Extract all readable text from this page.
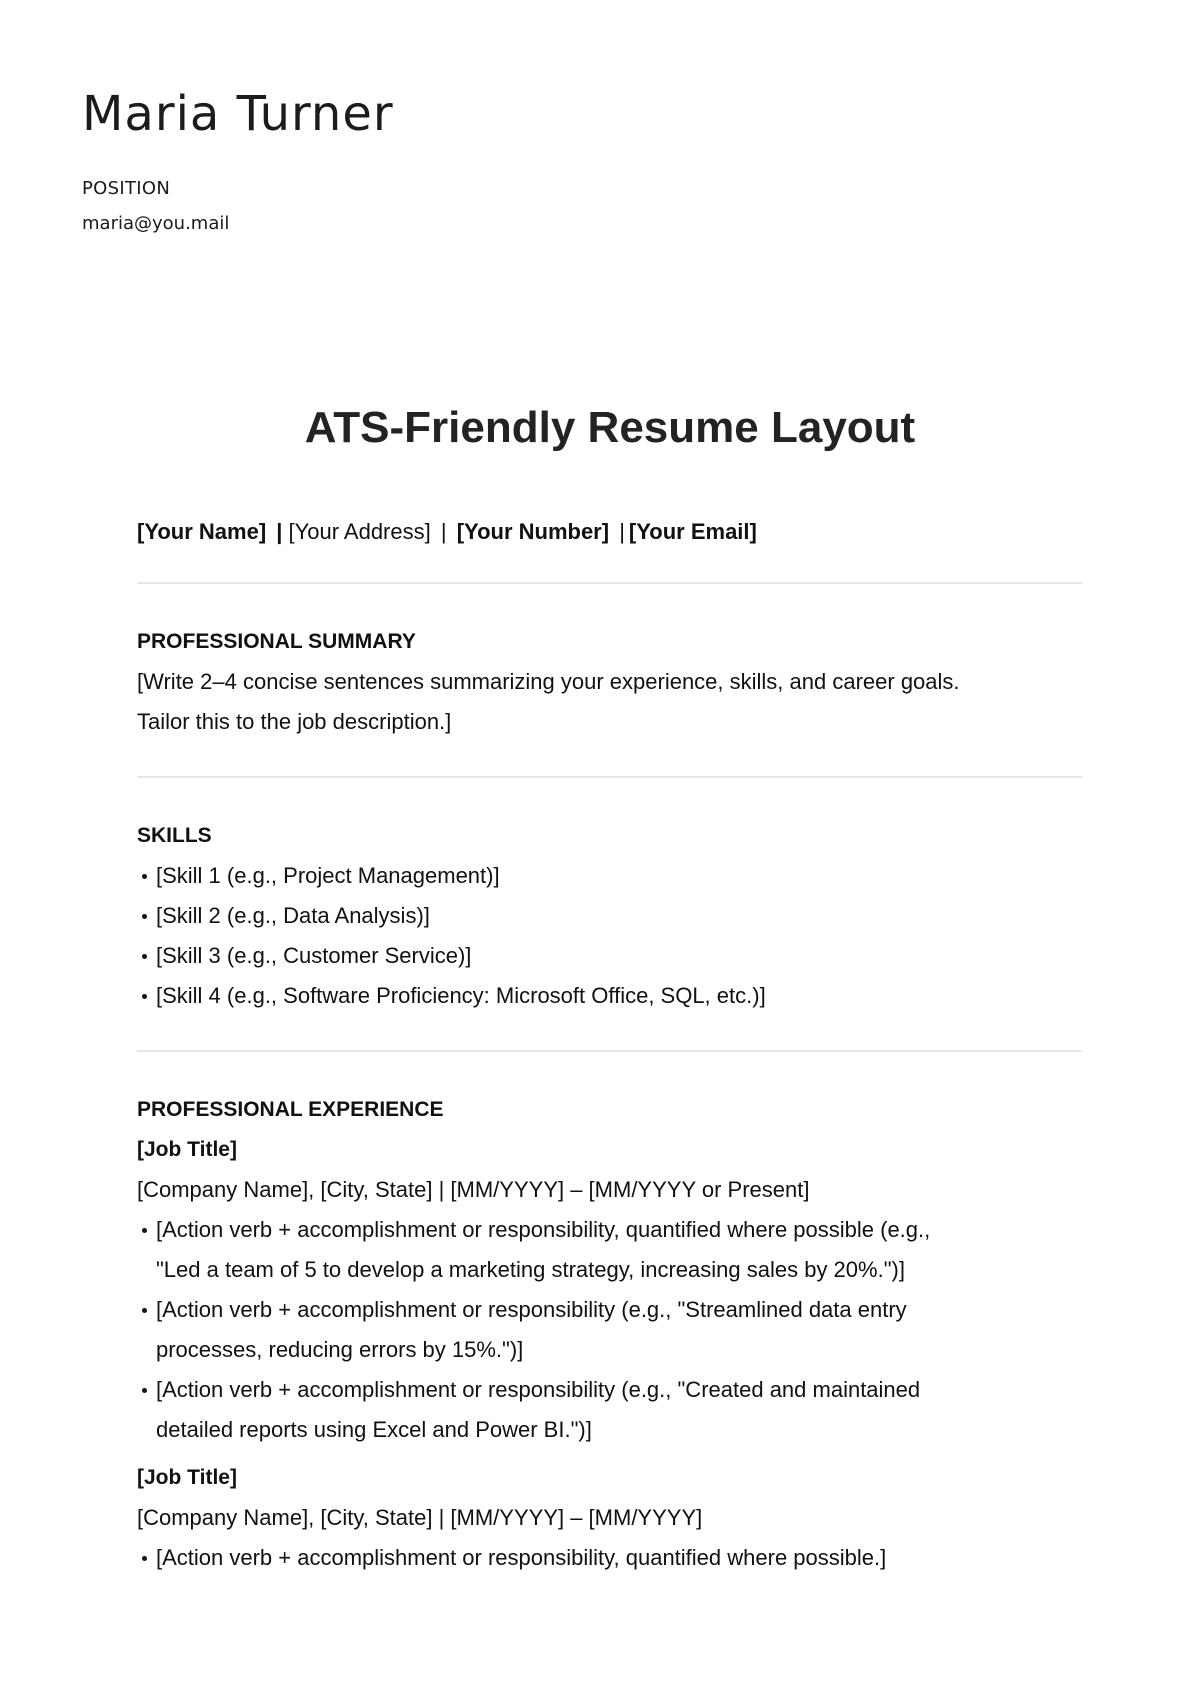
Maria Turner
POSITION
maria@you.mail
ATS-Friendly Resume Layout

[Your Name] | [Your Address] | [Your Number] | [Your Email]

PROFESSIONAL SUMMARY

[Write 2–4 concise sentences summarizing your experience, skills, and career goals.

Tailor this to the job description.]

SKILLS
[Skill 1 (e.g., Project Management)]
[Skill 2 (e.g., Data Analysis)]
[Skill 3 (e.g., Customer Service)]
[Skill 4 (e.g., Software Proficiency: Microsoft Office, SQL, etc.)]
PROFESSIONAL EXPERIENCE
[Job Title]

[Company Name], [City, State] | [MM/YYYY] – [MM/YYYY or Present]

[Action verb + accomplishment or responsibility, quantified where possible (e.g.,
"Led a team of 5 to develop a marketing strategy, increasing sales by 20%.")]
[Action verb + accomplishment or responsibility (e.g., "Streamlined data entry
processes, reducing errors by 15%.")]
[Action verb + accomplishment or responsibility (e.g., "Created and maintained
detailed reports using Excel and Power BI.")]
[Job Title]

[Company Name], [City, State] | [MM/YYYY] – [MM/YYYY]

[Action verb + accomplishment or responsibility, quantified where possible.]
